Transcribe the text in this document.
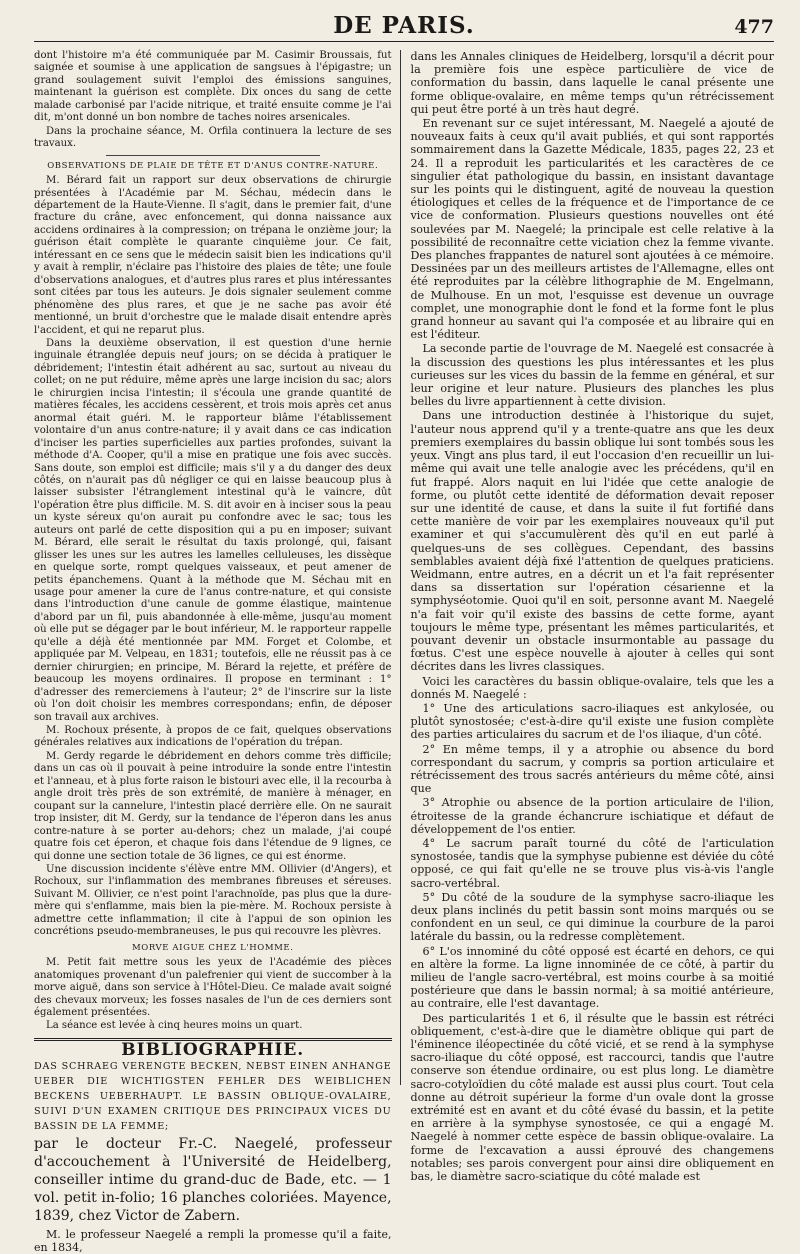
DE PARIS.	477

dont l'histoire m'a été communiquée par M. Casimir Broussais, fut saignée et soumise à une application de sangsues à l'épigastre; un grand soulagement suivit l'emploi des émissions sanguines, maintenant la guérison est complète. Dix onces du sang de cette malade carbonisé par l'acide nitrique, et traité ensuite comme je l'ai dit, m'ont donné un bon nombre de taches noires arsenicales.

Dans la prochaine séance, M. Orfila continuera la lecture de ses travaux.

OBSERVATIONS DE PLAIE DE TÊTE ET D'ANUS CONTRE-NATURE.

M. Bérard fait un rapport sur deux observations de chirurgie présentées à l'Académie par M. Séchau, médecin dans le département de la Haute-Vienne. Il s'agit, dans le premier fait, d'une fracture du crâne, avec enfoncement, qui donna naissance aux accidens ordinaires à la compression; on trépana le onzième jour; la guérison était complète le quarante cinquième jour. Ce fait, intéressant en ce sens que le médecin saisit bien les indications qu'il y avait à remplir, n'éclaire pas l'histoire des plaies de tête; une foule d'observations analogues, et d'autres plus rares et plus intéressantes sont citées par tous les auteurs. Je dois signaler seulement comme phénomène des plus rares, et que je ne sache pas avoir été mentionné, un bruit d'orchestre que le malade disait entendre après l'accident, et qui ne reparut plus.

Dans la deuxième observation, il est question d'une hernie inguinale étranglée depuis neuf jours; on se décida à pratiquer le débridement; l'intestin était adhérent au sac, surtout au niveau du collet; on ne put réduire, même après une large incision du sac; alors le chirurgien incisa l'intestin; il s'écoula une grande quantité de matières fécales, les accidens cessèrent, et trois mois après cet anus anormal était guéri. M. le rapporteur blâme l'établissement volontaire d'un anus contre-nature; il y avait dans ce cas indication d'inciser les parties superficielles aux parties profondes, suivant la méthode d'A. Cooper, qu'il a mise en pratique une fois avec succès. Sans doute, son emploi est difficile; mais s'il y a du danger des deux côtés, on n'aurait pas dû négliger ce qui en laisse beaucoup plus à laisser subsister l'étranglement intestinal qu'à le vaincre, dût l'opération être plus difficile. M. S. dit avoir en à inciser sous la peau un kyste séreux qu'on aurait pu confondre avec le sac; tous les auteurs ont parlé de cette disposition qui a pu en imposer; suivant M. Bérard, elle serait le résultat du taxis prolongé, qui, faisant glisser les unes sur les autres les lamelles celluleuses, les dissèque en quelque sorte, rompt quelques vaisseaux, et peut amener de petits épanchemens. Quant à la méthode que M. Séchau mit en usage pour amener la cure de l'anus contre-nature, et qui consiste dans l'introduction d'une canule de gomme élastique, maintenue d'abord par un fil, puis abandonnée à elle-même, jusqu'au moment où elle put se dégager par le bout inférieur, M. le rapporteur rappelle qu'elle a déjà été mentionnée par MM. Forget et Colombe, et appliquée par M. Velpeau, en 1831; toutefois, elle ne réussit pas à ce dernier chirurgien; en principe, M. Bérard la rejette, et préfère de beaucoup les moyens ordinaires. Il propose en terminant : 1° d'adresser des remerciemens à l'auteur; 2° de l'inscrire sur la liste où l'on doit choisir les membres correspondans; enfin, de déposer son travail aux archives.

M. Rochoux présente, à propos de ce fait, quelques observations générales relatives aux indications de l'opération du trépan.

M. Gerdy regarde le débridement en dehors comme très difficile; dans un cas où il pouvait à peine introduire la sonde entre l'intestin et l'anneau, et à plus forte raison le bistouri avec elle, il la recourba à angle droit très près de son extrémité, de manière à ménager, en coupant sur la cannelure, l'intestin placé derrière elle. On ne saurait trop insister, dit M. Gerdy, sur la tendance de l'éperon dans les anus contre-nature à se porter au-dehors; chez un malade, j'ai coupé quatre fois cet éperon, et chaque fois dans l'étendue de 9 lignes, ce qui donne une section totale de 36 lignes, ce qui est énorme.

Une discussion incidente s'élève entre MM. Ollivier (d'Angers), et Rochoux, sur l'inflammation des membranes fibreuses et séreuses. Suivant M. Ollivier, ce n'est point l'arachnoïde, pas plus que la dure-mère qui s'enflamme, mais bien la pie-mère. M. Rochoux persiste à admettre cette inflammation; il cite à l'appui de son opinion les concrétions pseudo-membraneuses, le pus qui recouvre les plèvres.

MORVE AIGUE CHEZ L'HOMME.

M. Petit fait mettre sous les yeux de l'Académie des pièces anatomiques provenant d'un palefrenier qui vient de succomber à la morve aiguë, dans son service à l'Hôtel-Dieu. Ce malade avait soigné des chevaux morveux; les fosses nasales de l'un de ces derniers sont également présentées.

La séance est levée à cinq heures moins un quart.

BIBLIOGRAPHIE.

DAS SCHRAEG VERENGTE BECKEN, NEBST EINEN ANHANGE UEBER DIE WICHTIGSTEN FEHLER DES WEIBLICHEN BECKENS UEBERHAUPT. LE BASSIN OBLIQUE-OVALAIRE, SUIVI D'UN EXAMEN CRITIQUE DES PRINCIPAUX VICES DU BASSIN DE LA FEMME;

par le docteur Fr.-C. Naegelé, professeur d'accouchement à l'Université de Heidelberg, conseiller intime du grand-duc de Bade, etc. — 1 vol. petit in-folio; 16 planches coloriées. Mayence, 1839, chez Victor de Zabern.

M. le professeur Naegelé a rempli la promesse qu'il a faite, en 1834,

dans les Annales cliniques de Heidelberg, lorsqu'il a décrit pour la première fois une espèce particulière de vice de conformation du bassin, dans laquelle le canal présente une forme oblique-ovalaire, en même temps qu'un rétrécissement qui peut être porté à un très haut degré.

En revenant sur ce sujet intéressant, M. Naegelé a ajouté de nouveaux faits à ceux qu'il avait publiés, et qui sont rapportés sommairement dans la Gazette Médicale, 1835, pages 22, 23 et 24. Il a reproduit les particularités et les caractères de ce singulier état pathologique du bassin, en insistant davantage sur les points qui le distinguent, agité de nouveau la question étiologiques et celles de la fréquence et de l'importance de ce vice de conformation. Plusieurs questions nouvelles ont été soulevées par M. Naegelé; la principale est celle relative à la possibilité de reconnaître cette viciation chez la femme vivante. Des planches frappantes de naturel sont ajoutées à ce mémoire. Dessinées par un des meilleurs artistes de l'Allemagne, elles ont été reproduites par la célèbre lithographie de M. Engelmann, de Mulhouse. En un mot, l'esquisse est devenue un ouvrage complet, une monographie dont le fond et la forme font le plus grand honneur au savant qui l'a composée et au libraire qui en est l'éditeur.

La seconde partie de l'ouvrage de M. Naegelé est consacrée à la discussion des questions les plus intéressantes et les plus curieuses sur les vices du bassin de la femme en général, et sur leur origine et leur nature. Plusieurs des planches les plus belles du livre appartiennent à cette division.

Dans une introduction destinée à l'historique du sujet, l'auteur nous apprend qu'il y a trente-quatre ans que les deux premiers exemplaires du bassin oblique lui sont tombés sous les yeux. Vingt ans plus tard, il eut l'occasion d'en recueillir un lui-même qui avait une telle analogie avec les précédens, qu'il en fut frappé. Alors naquit en lui l'idée que cette analogie de forme, ou plutôt cette identité de déformation devait reposer sur une identité de cause, et dans la suite il fut fortifié dans cette manière de voir par les exemplaires nouveaux qu'il put examiner et qui s'accumulèrent dès qu'il en eut parlé à quelques-uns de ses collègues. Cependant, des bassins semblables avaient déjà fixé l'attention de quelques praticiens. Weidmann, entre autres, en a décrit un et l'a fait représenter dans sa dissertation sur l'opération césarienne et la symphyséotomie. Quoi qu'il en soit, personne avant M. Naegelé n'a fait voir qu'il existe des bassins de cette forme, ayant toujours le même type, présentant les mêmes particularités, et pouvant devenir un obstacle insurmontable au passage du fœtus. C'est une espèce nouvelle à ajouter à celles qui sont décrites dans les livres classiques.

Voici les caractères du bassin oblique-ovalaire, tels que les a donnés M. Naegelé :

1° Une des articulations sacro-iliaques est ankylosée, ou plutôt synostosée; c'est-à-dire qu'il existe une fusion complète des parties articulaires du sacrum et de l'os iliaque, d'un côté.

2° En même temps, il y a atrophie ou absence du bord correspondant du sacrum, y compris sa portion articulaire et rétrécissement des trous sacrés antérieurs du même côté, ainsi que

3° Atrophie ou absence de la portion articulaire de l'ilion, étroitesse de la grande échancrure ischiatique et défaut de développement de l'os entier.

4° Le sacrum paraît tourné du côté de l'articulation synostosée, tandis que la symphyse pubienne est déviée du côté opposé, ce qui fait qu'elle ne se trouve plus vis-à-vis l'angle sacro-vertébral.

5° Du côté de la soudure de la symphyse sacro-iliaque les deux plans inclinés du petit bassin sont moins marqués ou se confondent en un seul, ce qui diminue la courbure de la paroi latérale du bassin, ou la redresse complètement.

6° L'os innominé du côté opposé est écarté en dehors, ce qui en altère la forme. La ligne innominée de ce côté, à partir du milieu de l'angle sacro-vertébral, est moins courbe à sa moitié postérieure que dans le bassin normal; à sa moitié antérieure, au contraire, elle l'est davantage.

Des particularités 1 et 6, il résulte que le bassin est rétréci obliquement, c'est-à-dire que le diamètre oblique qui part de l'éminence iléopectinée du côté vicié, et se rend à la symphyse sacro-iliaque du côté opposé, est raccourci, tandis que l'autre conserve son étendue ordinaire, ou est plus long. Le diamètre sacro-cotyloïdien du côté malade est aussi plus court. Tout cela donne au détroit supérieur la forme d'un ovale dont la grosse extrémité est en avant et du côté évasé du bassin, et la petite en arrière à la symphyse synostosée, ce qui a engagé M. Naegelé à nommer cette espèce de bassin oblique-ovalaire. La forme de l'excavation a aussi éprouvé des changemens notables; ses parois convergent pour ainsi dire obliquement en bas, le diamètre sacro-sciatique du côté malade est
